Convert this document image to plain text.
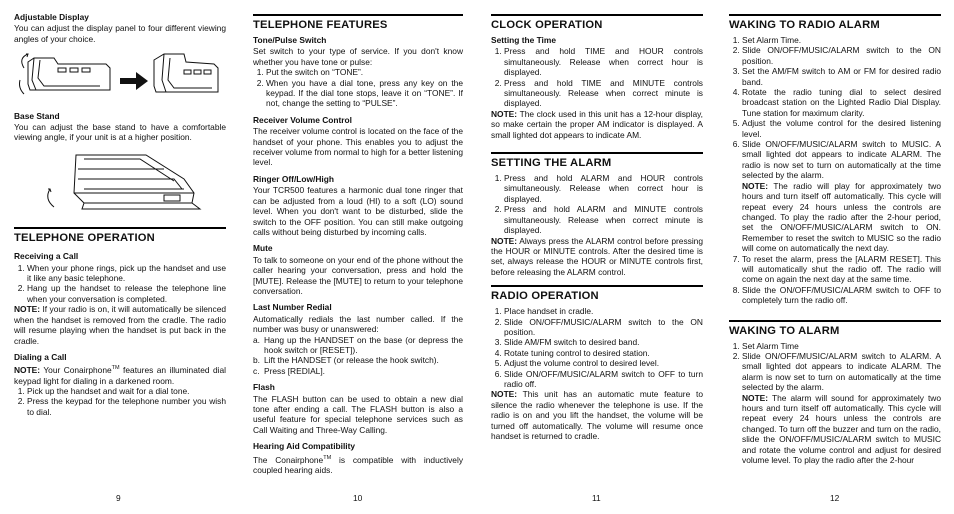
Adjustable Display

You can adjust the display panel to four different viewing angles of your choice.

Base Stand

You can adjust the base stand to have a comfortable viewing angle, if your unit is at a higher position.

TELEPHONE OPERATION
Receiving a Call
1. When your phone rings, pick up the handset and use it like any basic telephone.
2. Hang up the handset to release the telephone line when your conversation is completed.

NOTE: If your radio is on, it will automatically be silenced when the handset is removed from the cradle. The radio will resume playing when the handset is put back in the cradle.

Dialing a Call

NOTE: Your Conairphone™ features an illuminated dial keypad light for dialing in a darkened room.

1. Pick up the handset and wait for a dial tone.
2. Press the keypad for the telephone number you wish to dial.
9
TELEPHONE FEATURES
Tone/Pulse Switch

Set switch to your type of service. If you don't know whether you have tone or pulse:

1. Put the switch on “TONE”.
2. When you have a dial tone, press any key on the keypad. If the dial tone stops, leave it on “TONE”. If not, change the setting to “PULSE”.
Receiver Volume Control

The receiver volume control is located on the face of the handset of your phone. This enables you to adjust the receiver volume from normal to high for a better listening level.

Ringer Off/Low/High

Your TCR500 features a harmonic dual tone ringer that can be adjusted from a loud (HI) to a soft (LO) sound level. When you don't want to be disturbed, slide the switch to the OFF position. You can still make outgoing calls without being disturbed by incoming calls.

Mute

To talk to someone on your end of the phone without the caller hearing your conversation, press and hold the [MUTE]. Release the [MUTE] to return to your telephone conversation.

Last Number Redial

Automatically redials the last number called. If the number was busy or unanswered:

a. Hang up the HANDSET on the base (or depress the hook switch or [RESET]).
b. Lift the HANDSET (or release the hook switch).
c. Press [REDIAL].
Flash

The FLASH button can be used to obtain a new dial tone after ending a call. The FLASH button is also a useful feature for special telephone services such as Call Waiting and Three-Way Calling.

Hearing Aid Compatibility

The Conairphone™ is compatible with inductively coupled hearing aids.

10
CLOCK OPERATION
Setting the Time
1. Press and hold TIME and HOUR controls simultaneously. Release when correct hour is displayed.
2. Press and hold TIME and MINUTE controls simultaneously. Release when correct minute is displayed.

NOTE: The clock used in this unit has a 12-hour display, so make certain the proper AM indicator is displayed. A small lighted dot appears to indicate AM.

SETTING THE ALARM
1. Press and hold ALARM and HOUR controls simultaneously. Release when correct hour is displayed.
2. Press and hold ALARM and MINUTE controls simultaneously. Release when correct minute is displayed.

NOTE: Always press the ALARM control before pressing the HOUR or MINUTE controls. After the desired time is set, always release the HOUR or MINUTE controls first, before releasing the ALARM control.

RADIO OPERATION
1. Place handset in cradle.
2. Slide ON/OFF/MUSIC/ALARM switch to the ON position.
3. Slide AM/FM switch to desired band.
4. Rotate tuning control to desired station.
5. Adjust the volume control to desired level.
6. Slide ON/OFF/MUSIC/ALARM switch to OFF to turn radio off.

NOTE: This unit has an automatic mute feature to silence the radio whenever the telephone is use. If the radio is on and you lift the handset, the volume will be turned off automatically. The volume will resume once handset is returned to cradle.

11
WAKING TO RADIO ALARM
1. Set Alarm Time.
2. Slide ON/OFF/MUSIC/ALARM switch to the ON position.
3. Set the AM/FM switch to AM or FM for desired radio band.
4. Rotate the radio tuning dial to select desired broadcast station on the Lighted Radio Dial Display. Tune station for maximum clarity.
5. Adjust the volume control for the desired listening level.
6. Slide ON/OFF/MUSIC/ALARM switch to MUSIC. A small lighted dot appears to indicate ALARM. The radio is now set to turn on automatically at the time selected by the alarm.
NOTE: The radio will play for approximately two hours and turn itself off automatically. This cycle will repeat every 24 hours unless the controls are changed. To play the radio after the 2-hour period, set the ON/OFF/MUSIC/ALARM switch to ON. Remember to reset the switch to MUSIC so the radio will come on automatically the next day.
7. To reset the alarm, press the [ALARM RESET]. This will automatically shut the radio off. The radio will come on again the next day at the same time.
8. Slide the ON/OFF/MUSIC/ALARM switch to OFF to completely turn the radio off.
WAKING TO ALARM
1. Set Alarm Time
2. Slide ON/OFF/MUSIC/ALARM switch to ALARM. A small lighted dot appears to indicate ALARM. The alarm is now set to turn on automatically at the time selected by the alarm.
NOTE: The alarm will sound for approximately two hours and turn itself off automatically. This cycle will repeat every 24 hours unless the controls are changed. To turn off the buzzer and turn on the radio, slide the ON/OFF/MUSIC/ALARM switch to MUSIC and rotate the volume control and adjust for desired volume level. To play the radio after the 2-hour
12
